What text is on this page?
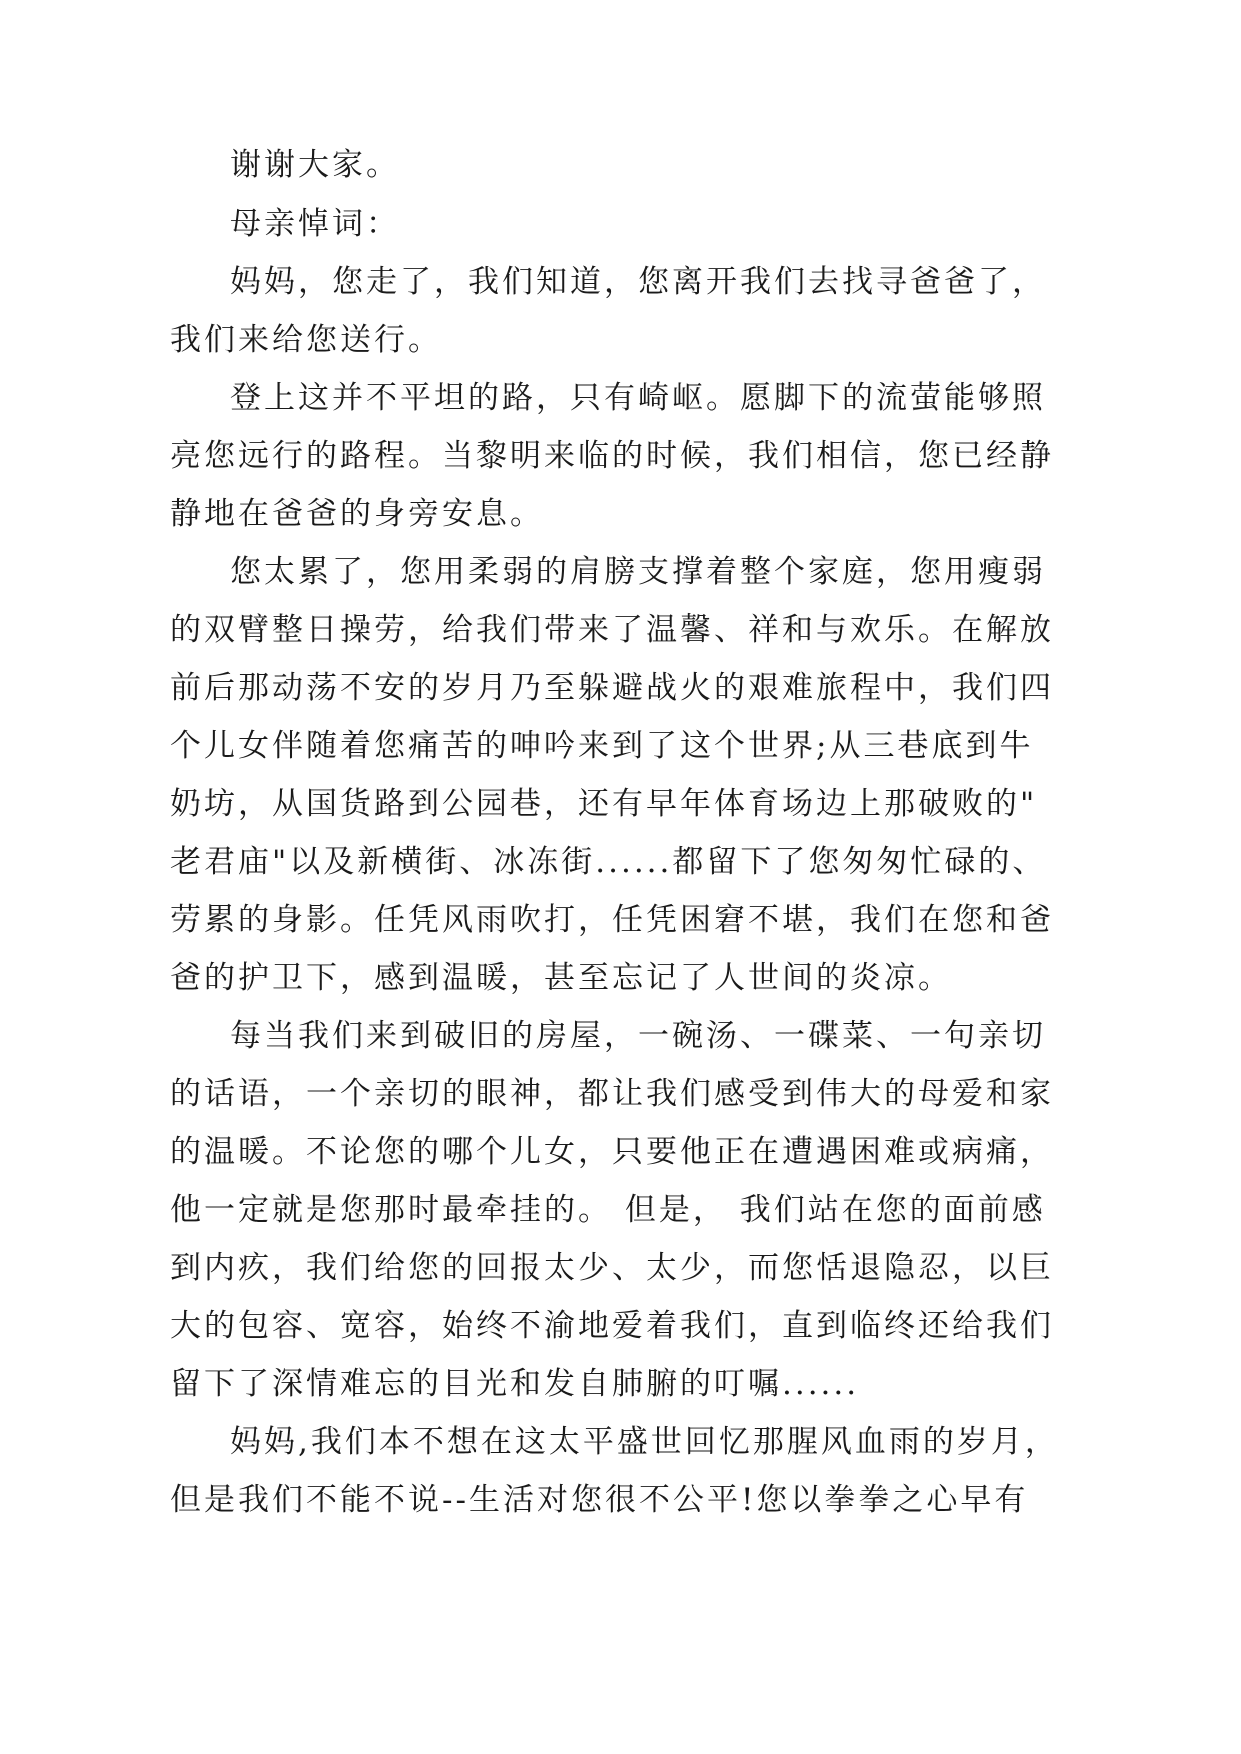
谢谢大家。
母亲悼词：
妈妈，您走了，我们知道，您离开我们去找寻爸爸了，
我们来给您送行。
登上这并不平坦的路，只有崎岖。愿脚下的流萤能够照
亮您远行的路程。当黎明来临的时候，我们相信，您已经静
静地在爸爸的身旁安息。
您太累了，您用柔弱的肩膀支撑着整个家庭，您用瘦弱
的双臂整日操劳，给我们带来了温馨、祥和与欢乐。在解放
前后那动荡不安的岁月乃至躲避战火的艰难旅程中，我们四
个儿女伴随着您痛苦的呻吟来到了这个世界;从三巷底到牛
奶坊，从国货路到公园巷，还有早年体育场边上那破败的"
老君庙"以及新横街、冰冻街......都留下了您匆匆忙碌的、
劳累的身影。任凭风雨吹打，任凭困窘不堪，我们在您和爸
爸的护卫下，感到温暖，甚至忘记了人世间的炎凉。
每当我们来到破旧的房屋，一碗汤、一碟菜、一句亲切
的话语，一个亲切的眼神，都让我们感受到伟大的母爱和家
的温暖。不论您的哪个儿女，只要他正在遭遇困难或病痛，
他一定就是您那时最牵挂的。 但是， 我们站在您的面前感
到内疚，我们给您的回报太少、太少，而您恬退隐忍，以巨
大的包容、宽容，始终不渝地爱着我们，直到临终还给我们
留下了深情难忘的目光和发自肺腑的叮嘱......
妈妈,我们本不想在这太平盛世回忆那腥风血雨的岁月，
但是我们不能不说--生活对您很不公平!您以拳拳之心早有
